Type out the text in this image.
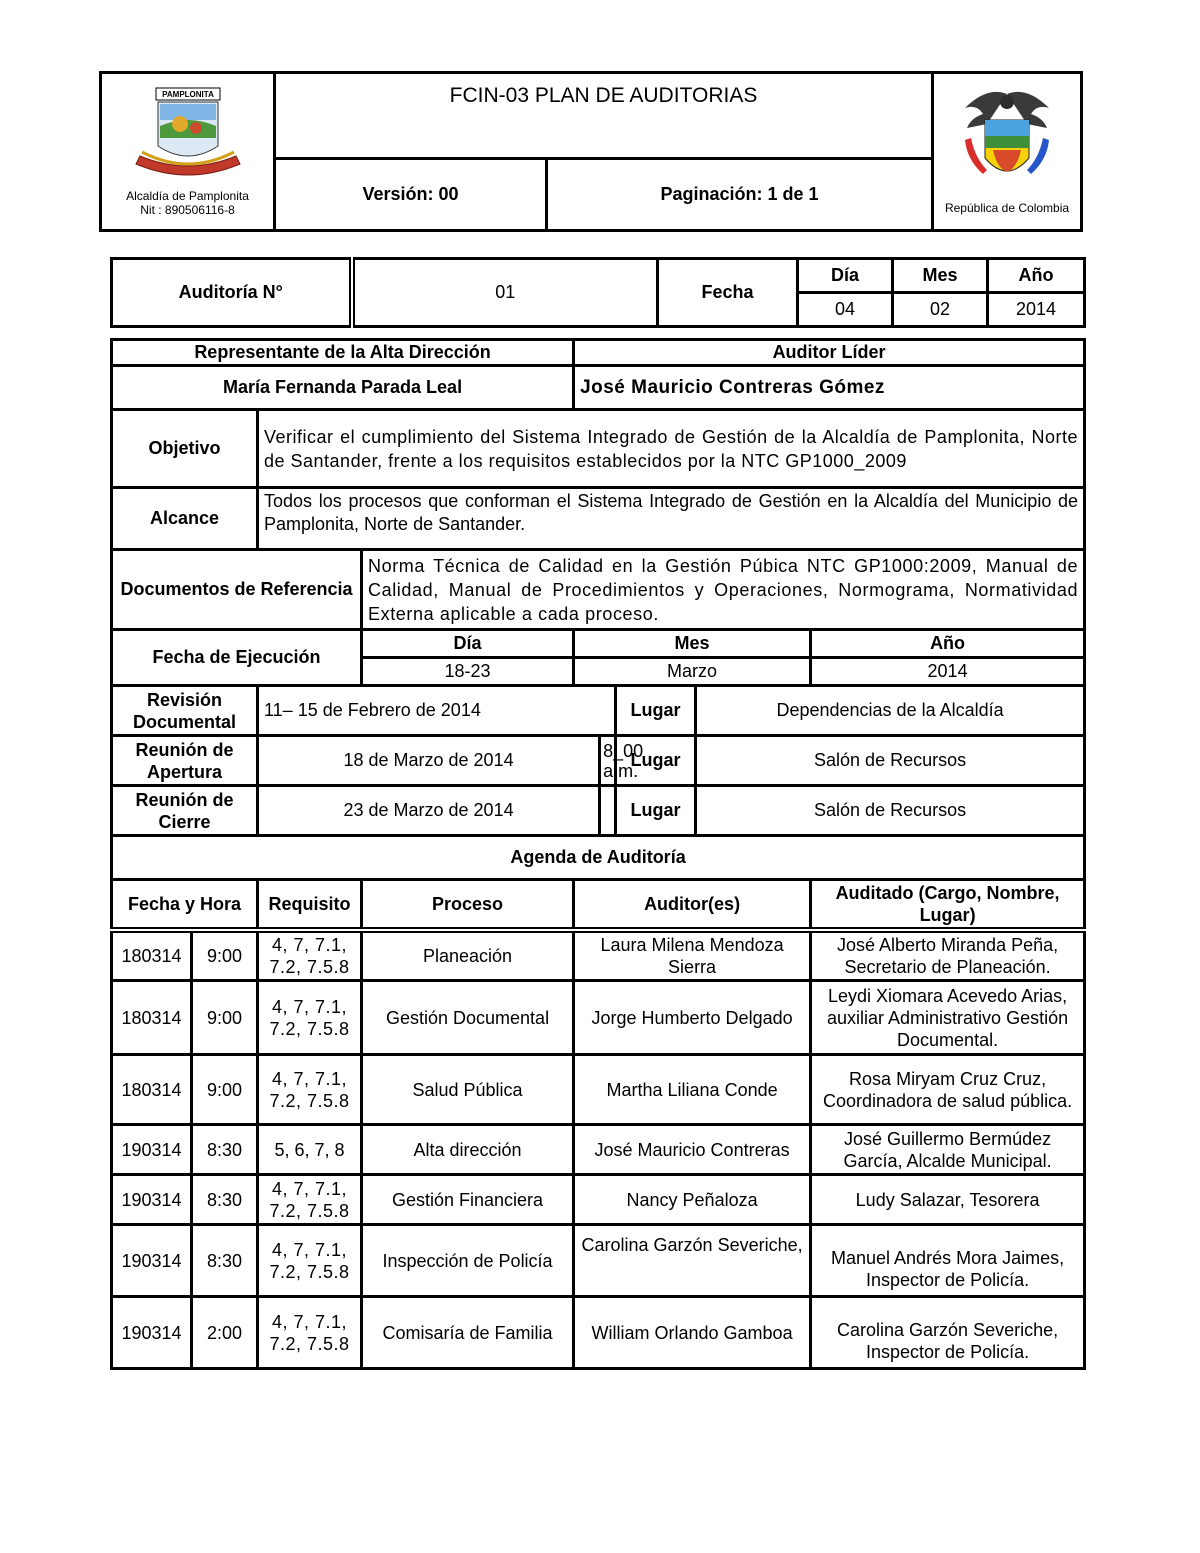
PAMPLONITA
Alcaldía de Pamplonita
Nit : 890506116-8	FCIN-03 PLAN DE AUDITORIAS		República de Colombia

	Versión: 00	Paginación: 1 de 1	
Auditoría N°	01	Fecha	Día	Mes	Año
			04	02	2014
Representante de la Alta Dirección				Auditor Líder				
María Fernanda Parada Leal				José Mauricio Contreras Gómez				
Objetivo		Verificar el cumplimiento del Sistema Integrado de Gestión de la Alcaldía de Pamplonita, Norte de Santander, frente a los requisitos establecidos por la NTC GP1000_2009						
Alcance		Todos los procesos que conforman el Sistema Integrado de Gestión en la Alcaldía del Municipio de Pamplonita, Norte de Santander.						
Documentos de Referencia			Norma Técnica de Calidad en la Gestión Púbica NTC GP1000:2009, Manual de Calidad, Manual de Procedimientos y Operaciones, Normograma, Normatividad Externa aplicable a cada proceso.					
Fecha de Ejecución			Día	Mes				Año
			18-23	Marzo				2014
Revisión Documental		11– 15 de Febrero de 2014				Lugar	Dependencias de la Alcaldía	
Reunión de Apertura		18 de Marzo de 2014			8_00 a.m.	Lugar	Salón de Recursos	
Reunión de Cierre		23 de Marzo de 2014				Lugar	Salón de Recursos	
Agenda de Auditoría								
Fecha y Hora		Requisito	Proceso	Auditor(es)				Auditado (Cargo, Nombre, Lugar)
180314	9:00	4, 7, 7.1, 7.2, 7.5.8	Planeación	Laura Milena Mendoza Sierra				José Alberto Miranda Peña, Secretario de Planeación.
180314	9:00	4, 7, 7.1, 7.2, 7.5.8	Gestión Documental	Jorge Humberto Delgado				Leydi Xiomara Acevedo Arias, auxiliar Administrativo Gestión Documental.
180314	9:00	4, 7, 7.1, 7.2, 7.5.8	Salud Pública	Martha Liliana Conde				Rosa Miryam Cruz Cruz, Coordinadora de salud pública.
190314	8:30	5, 6, 7, 8	Alta dirección	José Mauricio Contreras				José Guillermo Bermúdez García, Alcalde Municipal.
190314	8:30	4, 7, 7.1, 7.2, 7.5.8	Gestión Financiera	Nancy Peñaloza				Ludy Salazar, Tesorera
190314	8:30	4, 7, 7.1, 7.2, 7.5.8	Inspección de Policía	Carolina Garzón Severiche,				Manuel Andrés Mora Jaimes, Inspector de Policía.
190314	2:00	4, 7, 7.1, 7.2, 7.5.8	Comisaría de Familia	William Orlando Gamboa				Carolina Garzón Severiche, Inspector de Policía.
